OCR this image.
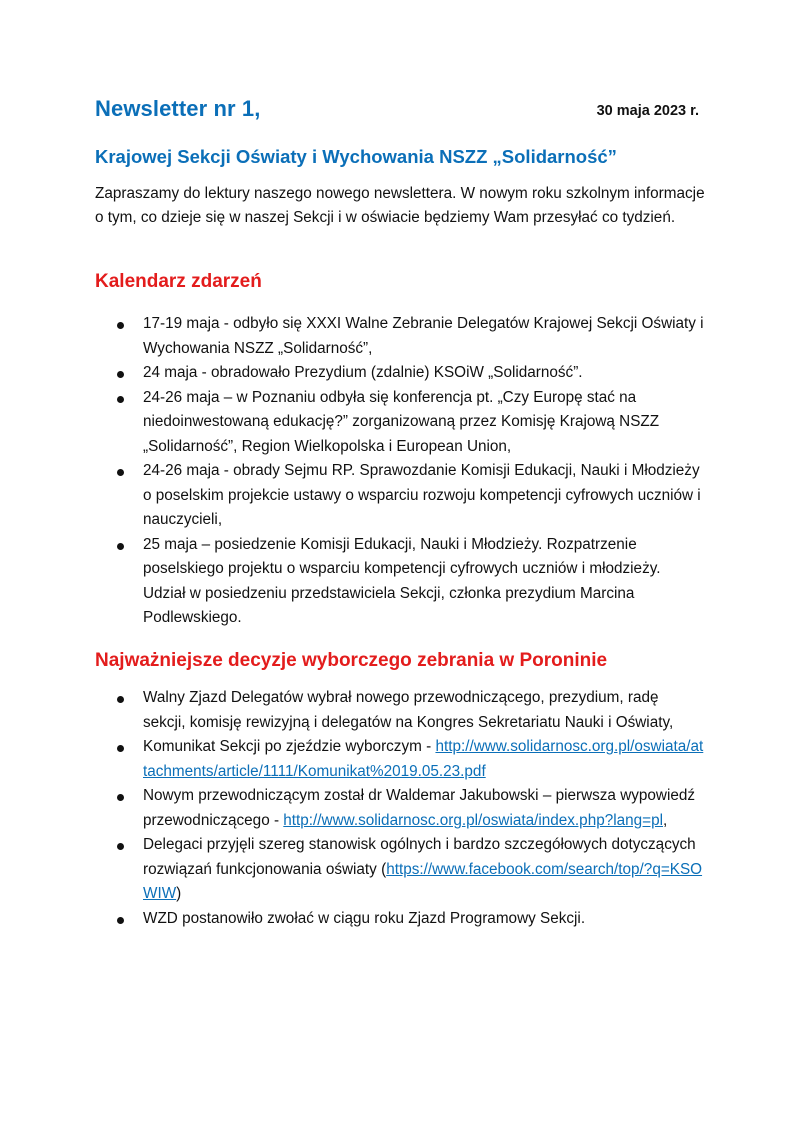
Newsletter nr 1,	30 maja 2023 r.
Krajowej Sekcji Oświaty i Wychowania NSZZ „Solidarność”

Zapraszamy do lektury naszego nowego newslettera. W nowym roku szkolnym informacje o tym, co dzieje się w naszej Sekcji i w oświacie będziemy Wam przesyłać co tydzień.

Kalendarz zdarzeń
17-19 maja - odbyło się XXXI Walne Zebranie Delegatów Krajowej Sekcji Oświaty i Wychowania NSZZ „Solidarność”,
24 maja - obradowało Prezydium (zdalnie) KSOiW „Solidarność”.
24-26 maja – w Poznaniu odbyła się konferencja pt. „Czy Europę stać na niedoinwestowaną edukację?” zorganizowaną przez Komisję Krajową NSZZ „Solidarność”, Region Wielkopolska i European Union,
24-26 maja - obrady Sejmu RP. Sprawozdanie Komisji Edukacji, Nauki i Młodzieży o poselskim projekcie ustawy o wsparciu rozwoju kompetencji cyfrowych uczniów i nauczycieli,
25 maja – posiedzenie Komisji Edukacji, Nauki i Młodzieży. Rozpatrzenie poselskiego projektu o wsparciu kompetencji cyfrowych uczniów i młodzieży. Udział w posiedzeniu przedstawiciela Sekcji, członka prezydium Marcina Podlewskiego.
Najważniejsze decyzje wyborczego zebrania w Poroninie
Walny Zjazd Delegatów wybrał nowego przewodniczącego, prezydium, radę sekcji, komisję rewizyjną i delegatów na Kongres Sekretariatu Nauki i Oświaty,
Komunikat Sekcji po zjeździe wyborczym - http://www.solidarnosc.org.pl/oswiata/attachments/article/1111/Komunikat%2019.05.23.pdf
Nowym przewodniczącym został dr Waldemar Jakubowski – pierwsza wypowiedź przewodniczącego - http://www.solidarnosc.org.pl/oswiata/index.php?lang=pl,
Delegaci przyjęli szereg stanowisk ogólnych i bardzo szczegółowych dotyczących rozwiązań funkcjonowania oświaty (https://www.facebook.com/search/top/?q=KSOWIW)
WZD postanowiło zwołać w ciągu roku Zjazd Programowy Sekcji.
